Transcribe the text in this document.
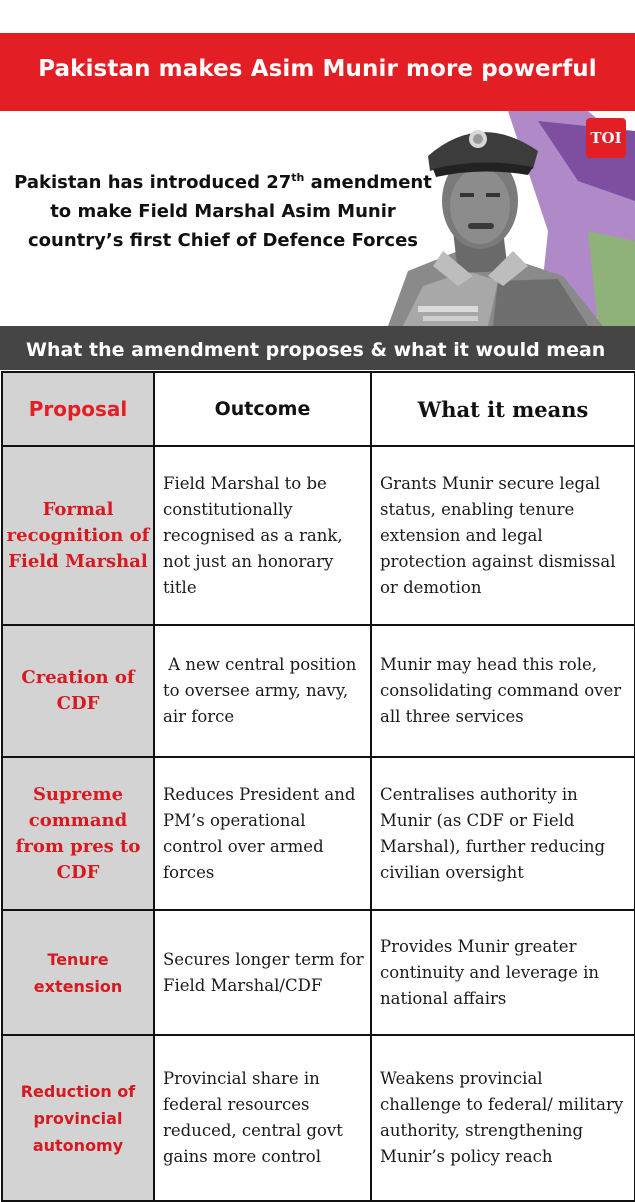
Pakistan makes Asim Munir more powerful
Pakistan has introduced 27th amendment
to make Field Marshal Asim Munir
country’s first Chief of Defence Forces
TOI
What the amendment proposes & what it would mean
Proposal	Outcome	What it means
Formal recognition of Field Marshal	Field Marshal to be constitutionally recognised as a rank, not just an honorary title	Grants Munir secure legal status, enabling tenure extension and legal protection against dismissal or demotion
Creation of CDF	A new central position to oversee army, navy, air force	Munir may head this role, consolidating command over all three services
Supreme command from pres to CDF	Reduces President and PM’s operational control over armed forces	Centralises authority in Munir (as CDF or Field Marshal), further reducing civilian oversight
Tenure extension	Secures longer term for Field Marshal/CDF	Provides Munir greater continuity and leverage in national affairs
Reduction of provincial autonomy	Provincial share in federal resources reduced, central govt gains more control	Weakens provincial challenge to federal/ military authority, strengthening Munir’s policy reach
